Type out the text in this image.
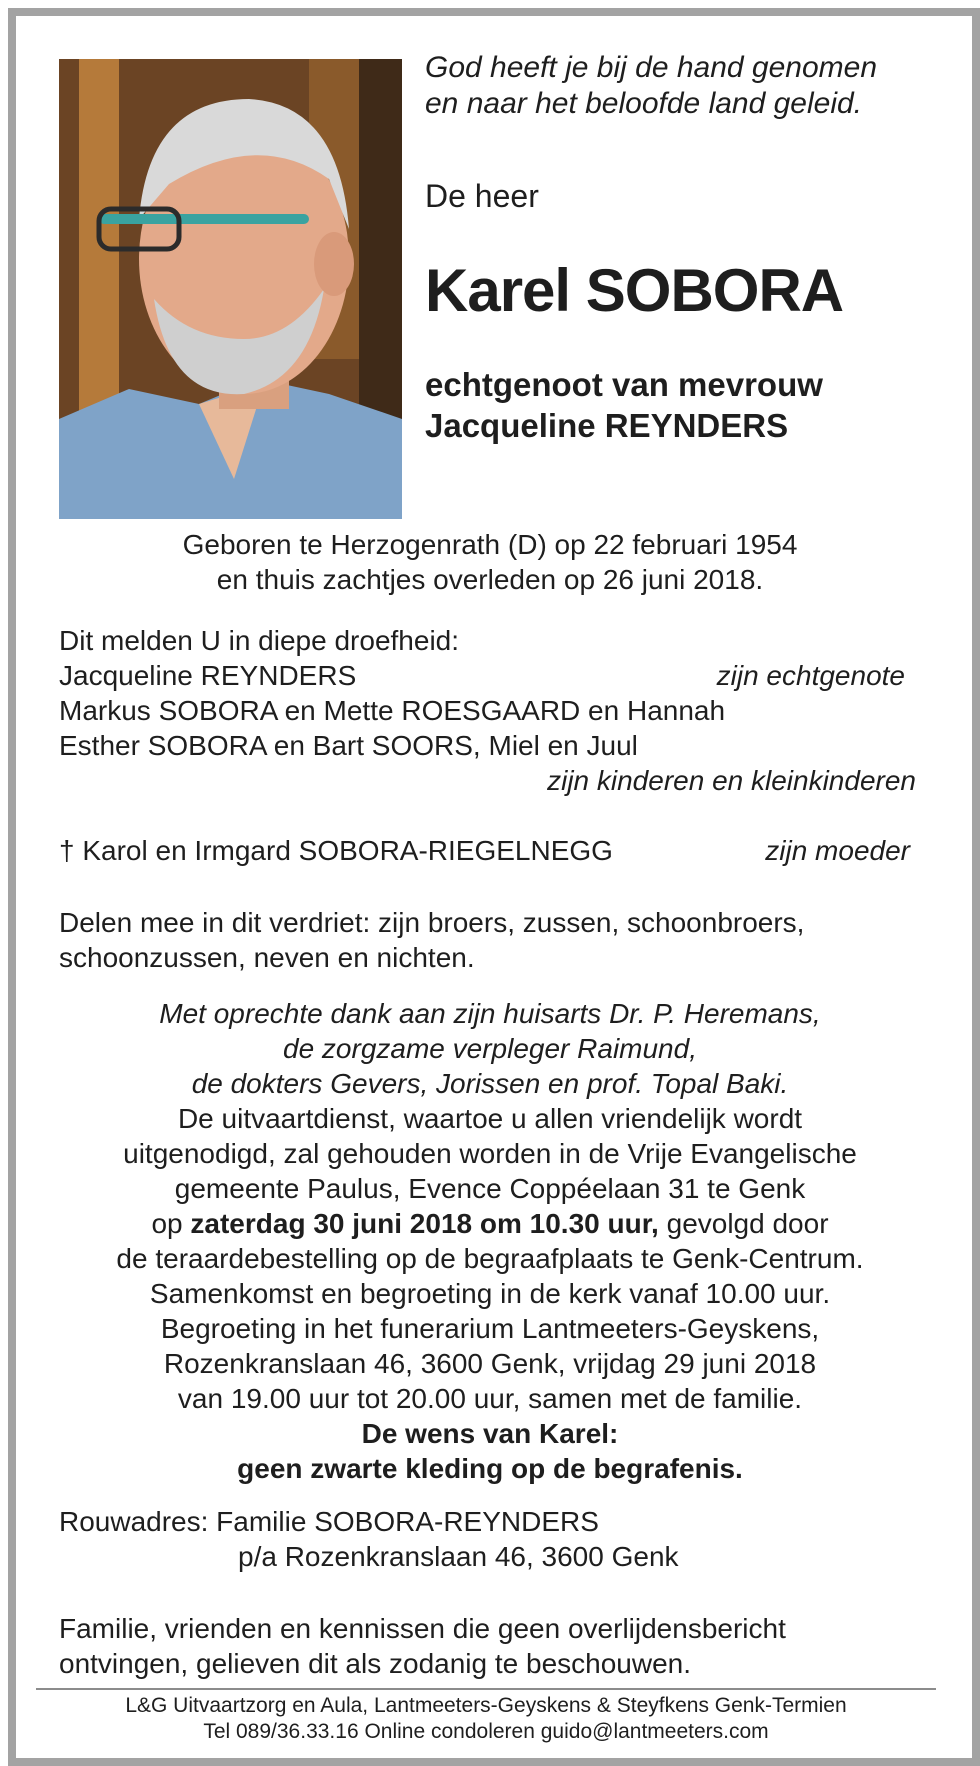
God heeft je bij de hand genomen
en naar het beloofde land geleid.
De heer
Karel SOBORA
echtgenoot van mevrouw
Jacqueline REYNDERS
Geboren te Herzogenrath (D) op 22 februari 1954
en thuis zachtjes overleden op 26 juni 2018.
Dit melden U in diepe droefheid:
Jacqueline REYNDERS	zijn echtgenote
Markus SOBORA en Mette ROESGAARD en Hannah
Esther SOBORA en Bart SOORS, Miel en Juul
zijn kinderen en kleinkinderen
† Karol en Irmgard SOBORA-RIEGELNEGG	zijn moeder
Delen mee in dit verdriet: zijn broers, zussen, schoonbroers,
schoonzussen, neven en nichten.
Met oprechte dank aan zijn huisarts Dr. P. Heremans,
de zorgzame verpleger Raimund,
de dokters Gevers, Jorissen en prof. Topal Baki.
De uitvaartdienst, waartoe u allen vriendelijk wordt
uitgenodigd, zal gehouden worden in de Vrije Evangelische
gemeente Paulus, Evence Coppéelaan 31 te Genk
op zaterdag 30 juni 2018 om 10.30 uur, gevolgd door
de teraardebestelling op de begraafplaats te Genk-Centrum.
Samenkomst en begroeting in de kerk vanaf 10.00 uur.
Begroeting in het funerarium Lantmeeters-Geyskens,
Rozenkranslaan 46, 3600 Genk, vrijdag 29 juni 2018
van 19.00 uur tot 20.00 uur, samen met de familie.
De wens van Karel:
geen zwarte kleding op de begrafenis.
Rouwadres: Familie SOBORA-REYNDERS
p/a Rozenkranslaan 46, 3600 Genk
Familie, vrienden en kennissen die geen overlijdensbericht
ontvingen, gelieven dit als zodanig te beschouwen.
L&G Uitvaartzorg en Aula, Lantmeeters-Geyskens & Steyfkens Genk-Termien
Tel 089/36.33.16 Online condoleren guido@lantmeeters.com
